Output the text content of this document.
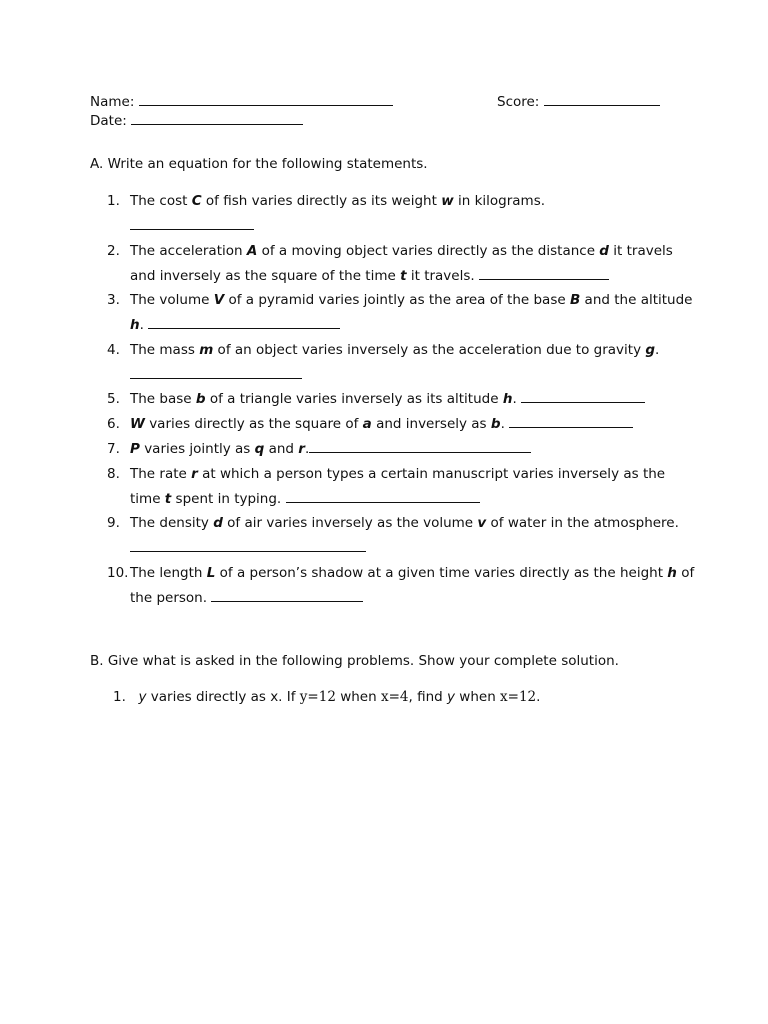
Name:	Score:
Date:
A. Write an equation for the following statements.
1. The cost C of fish varies directly as its weight w in kilograms.

2. The acceleration A of a moving object varies directly as the distance d it travels and inversely as the square of the time t it travels.
3. The volume V of a pyramid varies jointly as the area of the base B and the altitude h.
4. The mass m of an object varies inversely as the acceleration due to gravity g.

5. The base b of a triangle varies inversely as its altitude h.
6. W varies directly as the square of a and inversely as b.
7. P varies jointly as q and r.
8. The rate r at which a person types a certain manuscript varies inversely as the time t spent in typing.
9. The density d of air varies inversely as the volume v of water in the atmosphere.
10. The length L of a person’s shadow at a given time varies directly as the height h of the person.
B. Give what is asked in the following problems. Show your complete solution.
1. y varies directly as x. If y=12 when x=4, find y when x=12.
